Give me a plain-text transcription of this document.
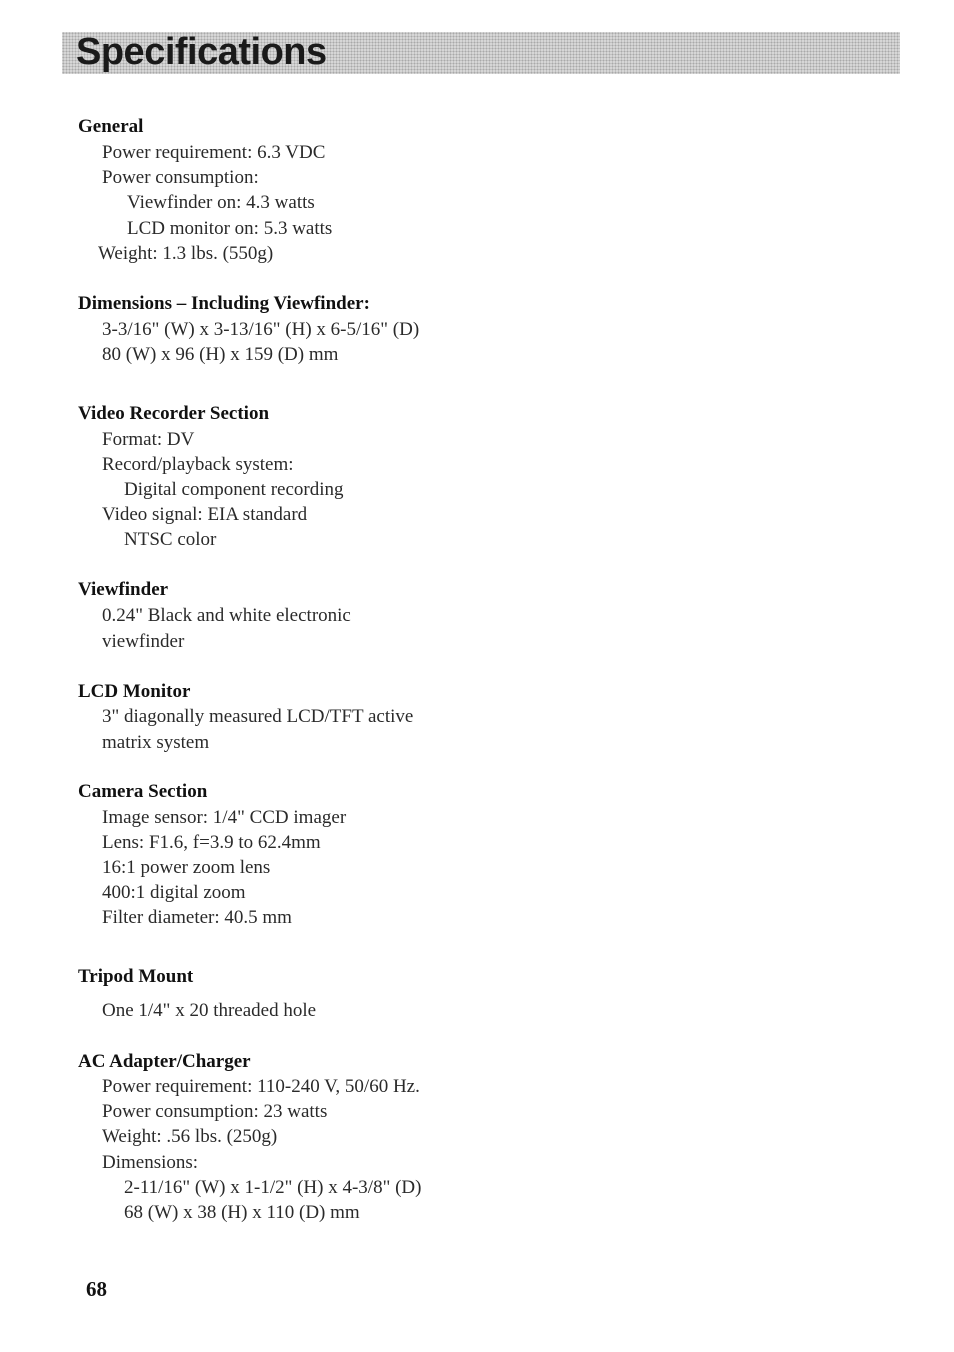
Specifications
General

Power requirement: 6.3 VDC

Power consumption:

Viewfinder on: 4.3 watts

LCD monitor on: 5.3 watts

Weight: 1.3 lbs. (550g)

Dimensions – Including Viewfinder:

3-3/16" (W) x 3-13/16" (H) x 6-5/16" (D)

80 (W) x 96 (H) x 159 (D) mm

Video Recorder Section

Format: DV

Record/playback system:

Digital component recording

Video signal: EIA standard

NTSC color

Viewfinder

0.24" Black and white electronic

viewfinder

LCD Monitor

3" diagonally measured LCD/TFT active

matrix system

Camera Section

Image sensor: 1/4" CCD imager

Lens: F1.6, f=3.9 to 62.4mm

16:1 power zoom lens

400:1 digital zoom

Filter diameter: 40.5 mm

Tripod Mount

One 1/4" x 20 threaded hole

AC Adapter/Charger

Power requirement: 110-240 V, 50/60 Hz.

Power consumption: 23 watts

Weight: .56 lbs. (250g)

Dimensions:

2-11/16" (W) x 1-1/2" (H) x 4-3/8" (D)

68 (W) x 38 (H) x 110 (D) mm

68
